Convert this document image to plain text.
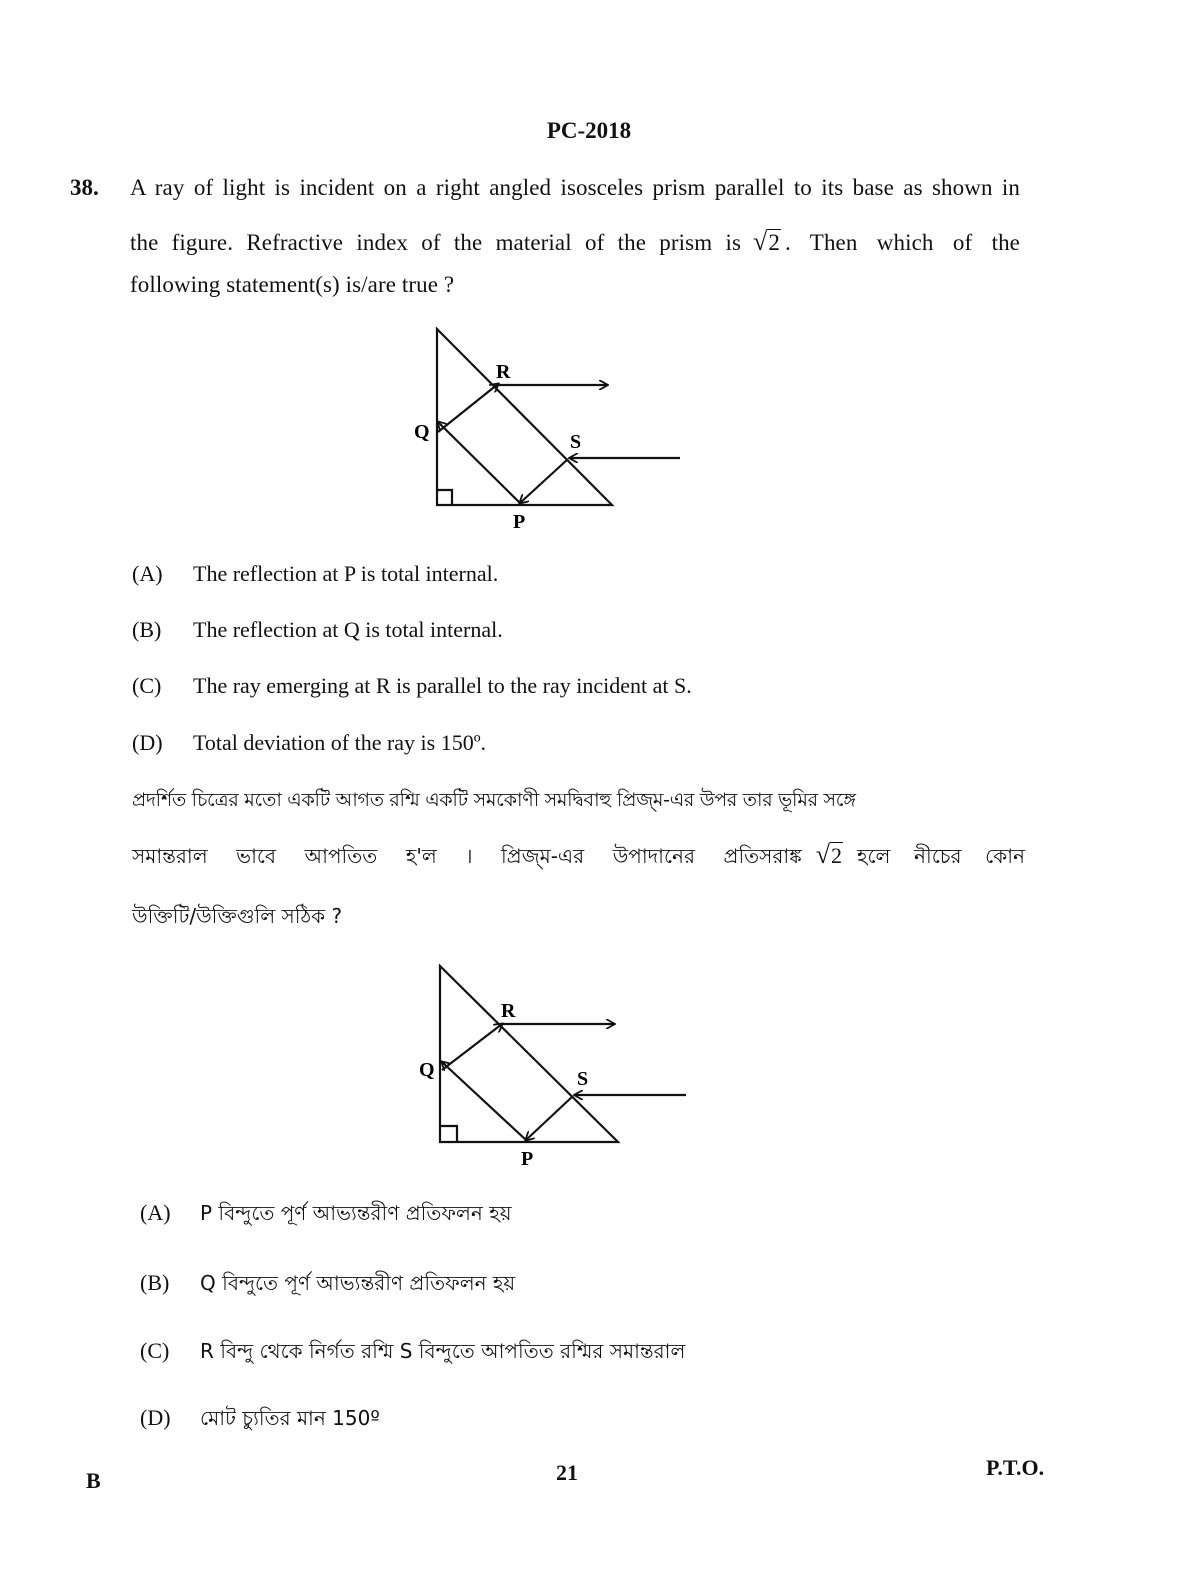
PC-2018
38. A ray of light is incident on a right angled isosceles prism parallel to its base as shown in
the figure. Refractive index of the material of the prism is √2 . Then which of the
following statement(s) is/are true ?
R
Q	S
P
(A) The reflection at P is total internal.
(B) The reflection at Q is total internal.
(C) The ray emerging at R is parallel to the ray incident at S.
(D) Total deviation of the ray is 150º.
প্রদর্শিত চিত্রের মতো একটি আগত রশ্মি একটি সমকোণী সমদ্বিবাহু প্রিজ্‌ম-এর উপর তার ভূমির সঙ্গে
সমান্তরাল ভাবে আপতিত হ'ল । প্রিজ্‌ম-এর উপাদানের প্রতিসরাঙ্ক √2 হলে নীচের কোন
উক্তিটি/উক্তিগুলি সঠিক ?
R
Q	S
P
(A) P বিন্দুতে পূর্ণ আভ্যন্তরীণ প্রতিফলন হয়
(B) Q বিন্দুতে পূর্ণ আভ্যন্তরীণ প্রতিফলন হয়
(C) R বিন্দু থেকে নির্গত রশ্মি S বিন্দুতে আপতিত রশ্মির সমান্তরাল
(D) মোট চ্যুতির মান 150º
B	21	P.T.O.
